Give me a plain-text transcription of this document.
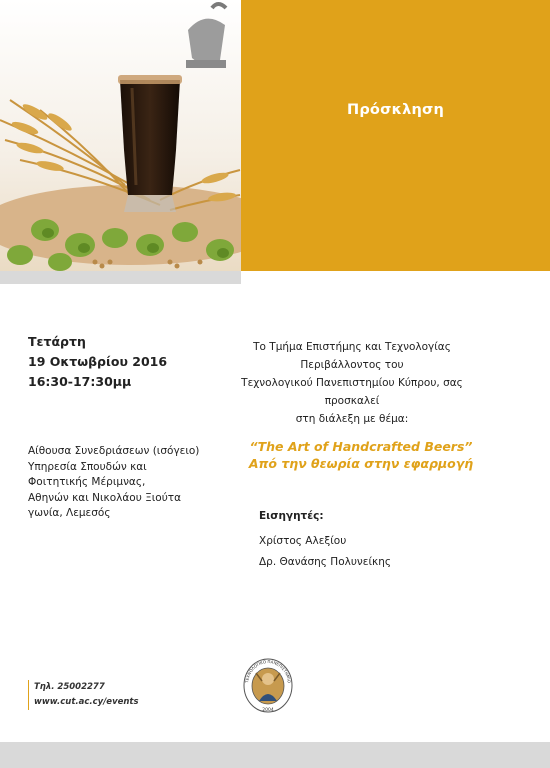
Πρόσκληση
Τετάρτη
19 Οκτωβρίου 2016
16:30-17:30μμ
Αίθουσα Συνεδριάσεων (ισόγειο)
Υπηρεσία Σπουδών και
Φοιτητικής Μέριμνας,
Αθηνών και Νικολάου Ξιούτα
γωνία, Λεμεσός
Το Τμήμα Επιστήμης και Τεχνολογίας Περιβάλλοντος του
Τεχνολογικού Πανεπιστημίου Κύπρου, σας προσκαλεί
στη διάλεξη με θέμα:
“The Art of Handcrafted Beers”
Από την θεωρία στην εφαρμογή
Εισηγητές:
Χρίστος Αλεξίου
Δρ. Θανάσης Πολυνείκης
Τηλ. 25002277
www.cut.ac.cy/events
ΤΕΧΝΟΛΟΓΙΚΟ ΠΑΝΕΠΙΣΤΗΜΙΟ
2004
